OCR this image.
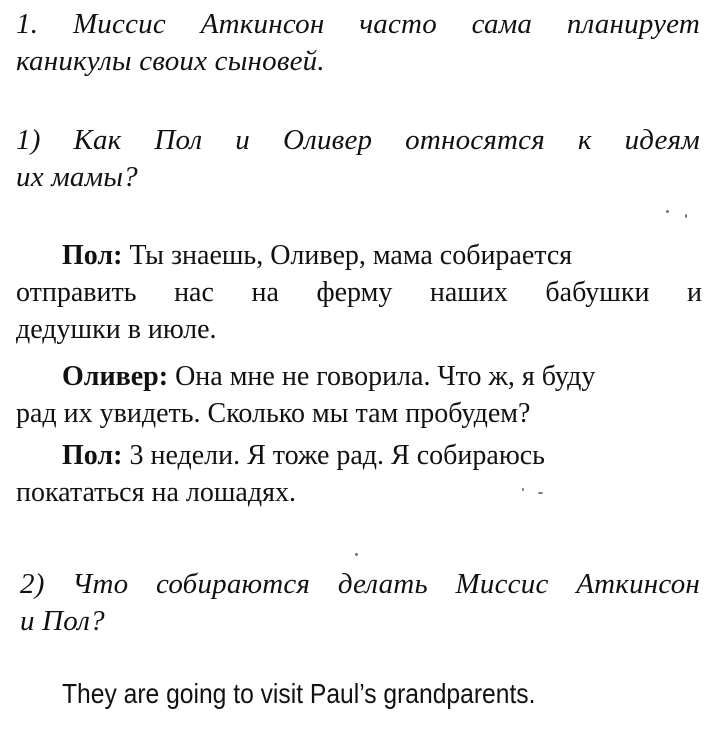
1. Миссис Аткинсон часто сама планирует
каникулы своих сыновей.
1) Как Пол и Оливер относятся к идеям
их мамы?
Пол: Ты знаешь, Оливер, мама собирается
отправить нас на ферму наших бабушки и
дедушки в июле.
Оливер: Она мне не говорила. Что ж, я буду
рад их увидеть. Сколько мы там пробудем?
Пол: 3 недели. Я тоже рад. Я собираюсь
покататься на лошадях.
2) Что собираются делать Миссис Аткинсон
и Пол?
They are going to visit Paul’s grandparents.
